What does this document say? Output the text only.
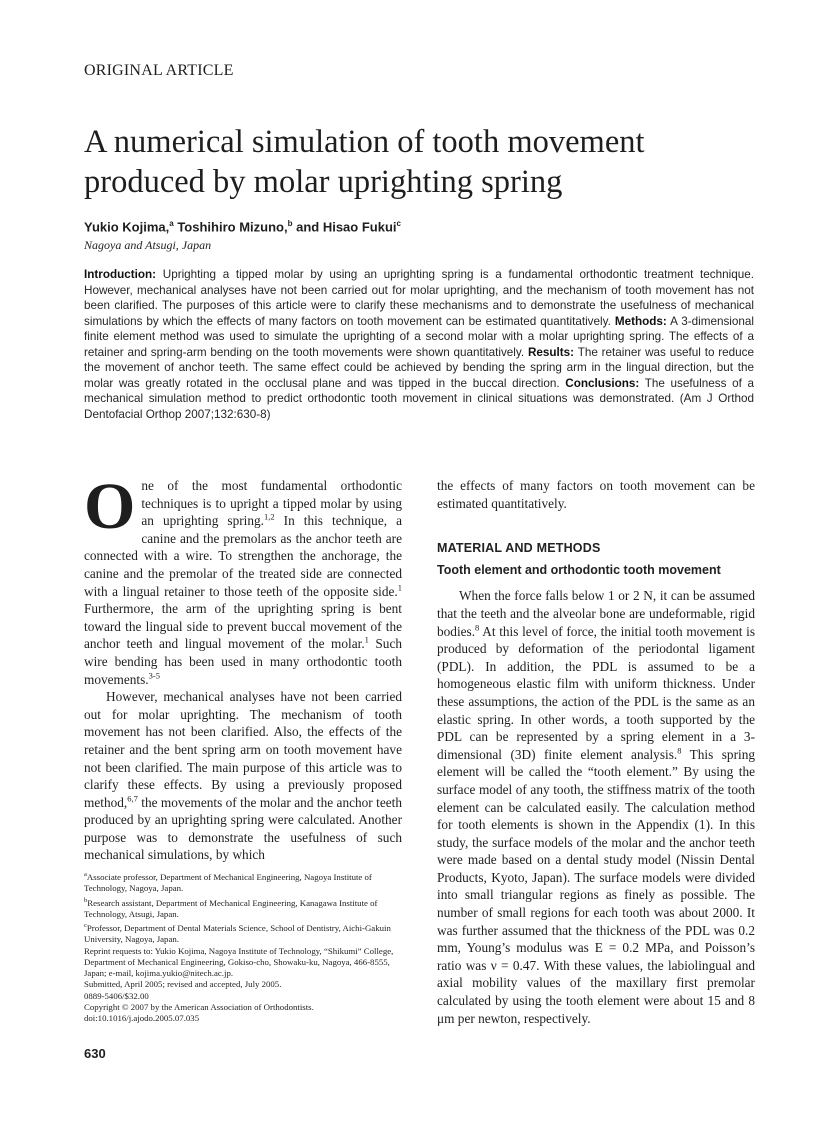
ORIGINAL ARTICLE
A numerical simulation of tooth movement
produced by molar uprighting spring
Yukio Kojima,$^a$ Toshihiro Mizuno,$^b$ and Hisao Fukui$^c$
Nagoya and Atsugi, Japan
Introduction: Uprighting a tipped molar by using an uprighting spring is a fundamental orthodontic treatment technique. However, mechanical analyses have not been carried out for molar uprighting, and the mechanism of tooth movement has not been clarified. The purposes of this article were to clarify these mechanisms and to demonstrate the usefulness of mechanical simulations by which the effects of many factors on tooth movement can be estimated quantitatively. Methods: A 3-dimensional finite element method was used to simulate the uprighting of a second molar with a molar uprighting spring. The effects of a retainer and spring-arm bending on the tooth movements were shown quantitatively. Results: The retainer was useful to reduce the movement of anchor teeth. The same effect could be achieved by bending the spring arm in the lingual direction, but the molar was greatly rotated in the occlusal plane and was tipped in the buccal direction. Conclusions: The usefulness of a mechanical simulation method to predict orthodontic tooth movement in clinical situations was demonstrated. (Am J Orthod Dentofacial Orthop 2007;132:630-8)

One of the most fundamental orthodontic techniques is to upright a tipped molar by using an uprighting spring.$^{1,2}$ In this technique, a canine and the premolars as the anchor teeth are connected with a wire. To strengthen the anchorage, the canine and the premolar of the treated side are connected with a lingual retainer to those teeth of the opposite side.$^1$ Furthermore, the arm of the uprighting spring is bent toward the lingual side to prevent buccal movement of the anchor teeth and lingual movement of the molar.$^1$ Such wire bending has been used in many orthodontic tooth movements.$^{3-5}$

However, mechanical analyses have not been carried out for molar uprighting. The mechanism of tooth movement has not been clarified. Also, the effects of the retainer and the bent spring arm on tooth movement have not been clarified. The main purpose of this article was to clarify these effects. By using a previously proposed method,$^{6,7}$ the movements of the molar and the anchor teeth produced by an uprighting spring were calculated. Another purpose was to demonstrate the usefulness of such mechanical simulations, by which

the effects of many factors on tooth movement can be estimated quantitatively.

MATERIAL AND METHODS
Tooth element and orthodontic tooth movement

When the force falls below 1 or 2 N, it can be assumed that the teeth and the alveolar bone are undeformable, rigid bodies.$^8$ At this level of force, the initial tooth movement is produced by deformation of the periodontal ligament (PDL). In addition, the PDL is assumed to be a homogeneous elastic film with uniform thickness. Under these assumptions, the action of the PDL is the same as an elastic spring. In other words, a tooth supported by the PDL can be represented by a spring element in a 3-dimensional (3D) finite element analysis.$^8$ This spring element will be called the “tooth element.” By using the surface model of any tooth, the stiffness matrix of the tooth element can be calculated easily. The calculation method for tooth elements is shown in the Appendix (1). In this study, the surface models of the molar and the anchor teeth were made based on a dental study model (Nissin Dental Products, Kyoto, Japan). The surface models were divided into small triangular regions as finely as possible. The number of small regions for each tooth was about 2000. It was further assumed that the thickness of the PDL was 0.2 mm, Young’s modulus was E = 0.2 MPa, and Poisson’s ratio was ν = 0.47. With these values, the labiolingual and axial mobility values of the maxillary first premolar calculated by using the tooth element were about 15 and 8 μm per newton, respectively.

$^a$Associate professor, Department of Mechanical Engineering, Nagoya Institute of Technology, Nagoya, Japan.
$^b$Research assistant, Department of Mechanical Engineering, Kanagawa Institute of Technology, Atsugi, Japan.
$^c$Professor, Department of Dental Materials Science, School of Dentistry, Aichi-Gakuin University, Nagoya, Japan.
Reprint requests to: Yukio Kojima, Nagoya Institute of Technology, “Shikumi” College, Department of Mechanical Engineering, Gokiso-cho, Showaku-ku, Nagoya, 466-8555, Japan; e-mail, kojima.yukio@nitech.ac.jp.
Submitted, April 2005; revised and accepted, July 2005.
0889-5406/$32.00
Copyright © 2007 by the American Association of Orthodontists.
doi:10.1016/j.ajodo.2005.07.035
630
